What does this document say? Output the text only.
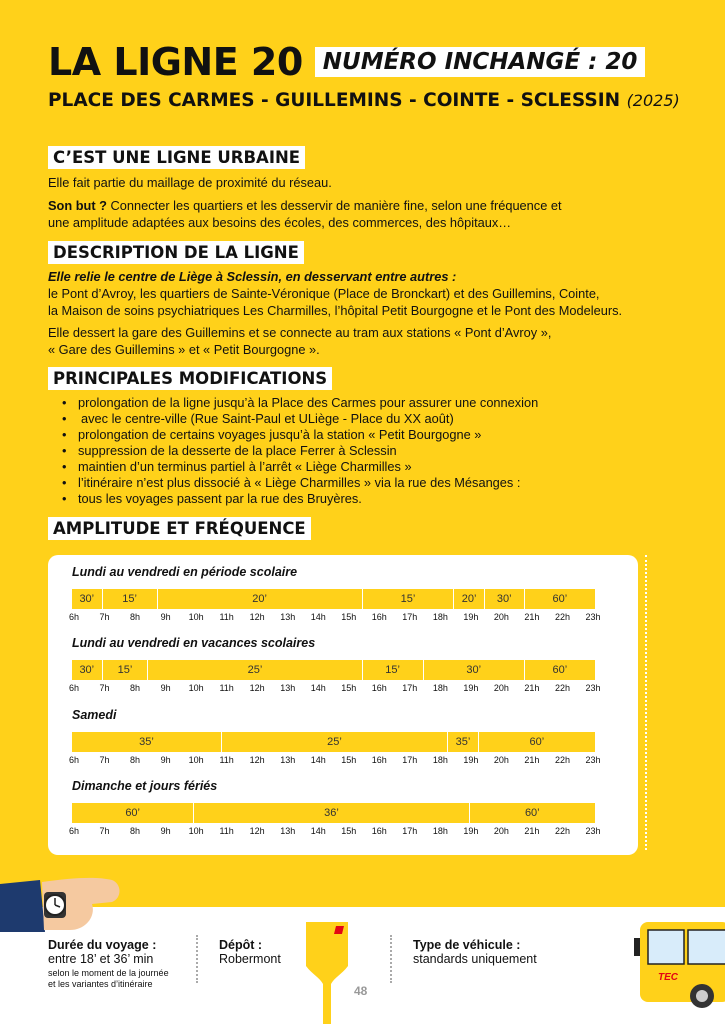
LA LIGNE 20 NUMÉRO INCHANGÉ : 20
PLACE DES CARMES - GUILLEMINS - COINTE - SCLESSIN (2025)
C’EST UNE LIGNE URBAINE
Elle fait partie du maillage de proximité du réseau.
Son but ? Connecter les quartiers et les desservir de manière fine, selon une fréquence et
une amplitude adaptées aux besoins des écoles, des commerces, des hôpitaux…
DESCRIPTION DE LA LIGNE
Elle relie le centre de Liège à Sclessin, en desservant entre autres :
le Pont d’Avroy, les quartiers de Sainte-Véronique (Place de Bronckart) et des Guillemins, Cointe,
la Maison de soins psychiatriques Les Charmilles, l’hôpital Petit Bourgogne et le Pont des Modeleurs.
Elle dessert la gare des Guillemins et se connecte au tram aux stations « Pont d’Avroy »,
« Gare des Guillemins » et « Petit Bourgogne ».
PRINCIPALES MODIFICATIONS
• prolongation de la ligne jusqu’à la Place des Carmes pour assurer une connexion
• avec le centre-ville (Rue Saint-Paul et ULiège - Place du XX août)
• prolongation de certains voyages jusqu’à la station « Petit Bourgogne »
• suppression de la desserte de la place Ferrer à Sclessin
• maintien d’un terminus partiel à l’arrêt « Liège Charmilles »
• l’itinéraire n’est plus dissocié à « Liège Charmilles » via la rue des Mésanges :
• tous les voyages passent par la rue des Bruyères.
AMPLITUDE ET FRÉQUENCE
Lundi au vendredi en période scolaire
30’	15’	20’	15’	20’	30’	60’
6h 7h 8h 9h 10h 11h 12h 13h 14h 15h 16h 17h 18h 19h 20h 21h 22h 23h
Lundi au vendredi en vacances scolaires
30’	15’	25’	15’	30’	60’
6h 7h 8h 9h 10h 11h 12h 13h 14h 15h 16h 17h 18h 19h 20h 21h 22h 23h
Samedi
35’	25’	35’	60’
6h 7h 8h 9h 10h 11h 12h 13h 14h 15h 16h 17h 18h 19h 20h 21h 22h 23h
Dimanche et jours fériés
60’	36’	60’
6h 7h 8h 9h 10h 11h 12h 13h 14h 15h 16h 17h 18h 19h 20h 21h 22h 23h
Durée du voyage :
entre 18’ et 36’ min
selon le moment de la journée
et les variantes d’itinéraire
Dépôt :
Robermont
48
Type de véhicule :
standards uniquement
TEC
